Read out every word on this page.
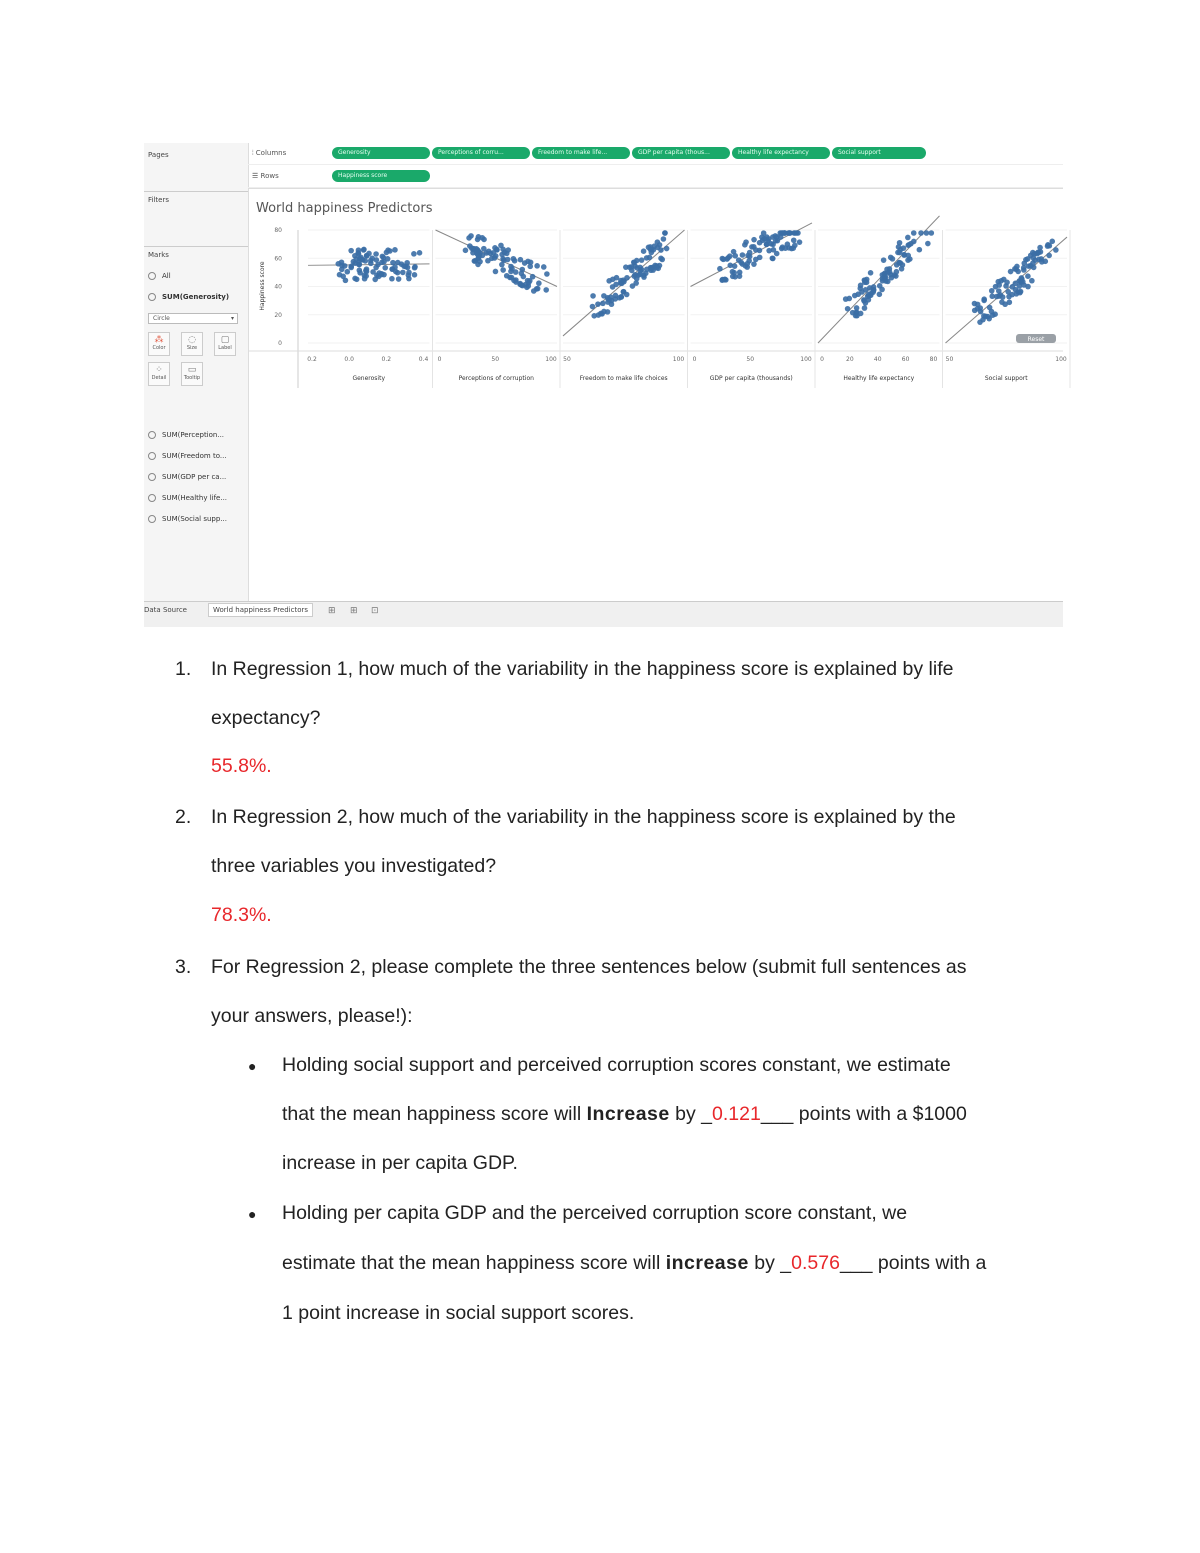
Pages
Filters
Marks
All
SUM(Generosity)
Circle	▾
⁂
Color
◌
Size
▢
Label
⁘
Detail
▭
Tooltip
SUM(Perception...
SUM(Freedom to...
SUM(GDP per ca...
SUM(Healthy life...
SUM(Social supp...
⦙ Columns	Generosity	Perceptions of corru...	Freedom to make life...	GDP per capita (thous...	Healthy life expectancy	Social support
☰ Rows	Happiness score
World happiness Predictors
Happiness score
80
60
40
20
0
0.2	0.0	0.2	0.4
Generosity
0	50	100
Perceptions of corruption
50	100
Freedom to make life choices
0	50	100
GDP per capita (thousands)
0	20	40	60	80
Healthy life expectancy
50	100
Social support
Reset
Data Source	World happiness Predictors	⊞ ⊞ ⊡
1.	In Regression 1, how much of the variability in the happiness score is explained by life
expectancy?
55.8%.
2.	In Regression 2, how much of the variability in the happiness score is explained by the
three variables you investigated?
78.3%.
3.	For Regression 2, please complete the three sentences below (submit full sentences as
your answers, please!):
● Holding social support and perceived corruption scores constant, we estimate
that the mean happiness score will Increase by _0.121___ points with a $1000
increase in per capita GDP.
● Holding per capita GDP and the perceived corruption score constant, we
estimate that the mean happiness score will increase by _0.576___ points with a
1 point increase in social support scores.
